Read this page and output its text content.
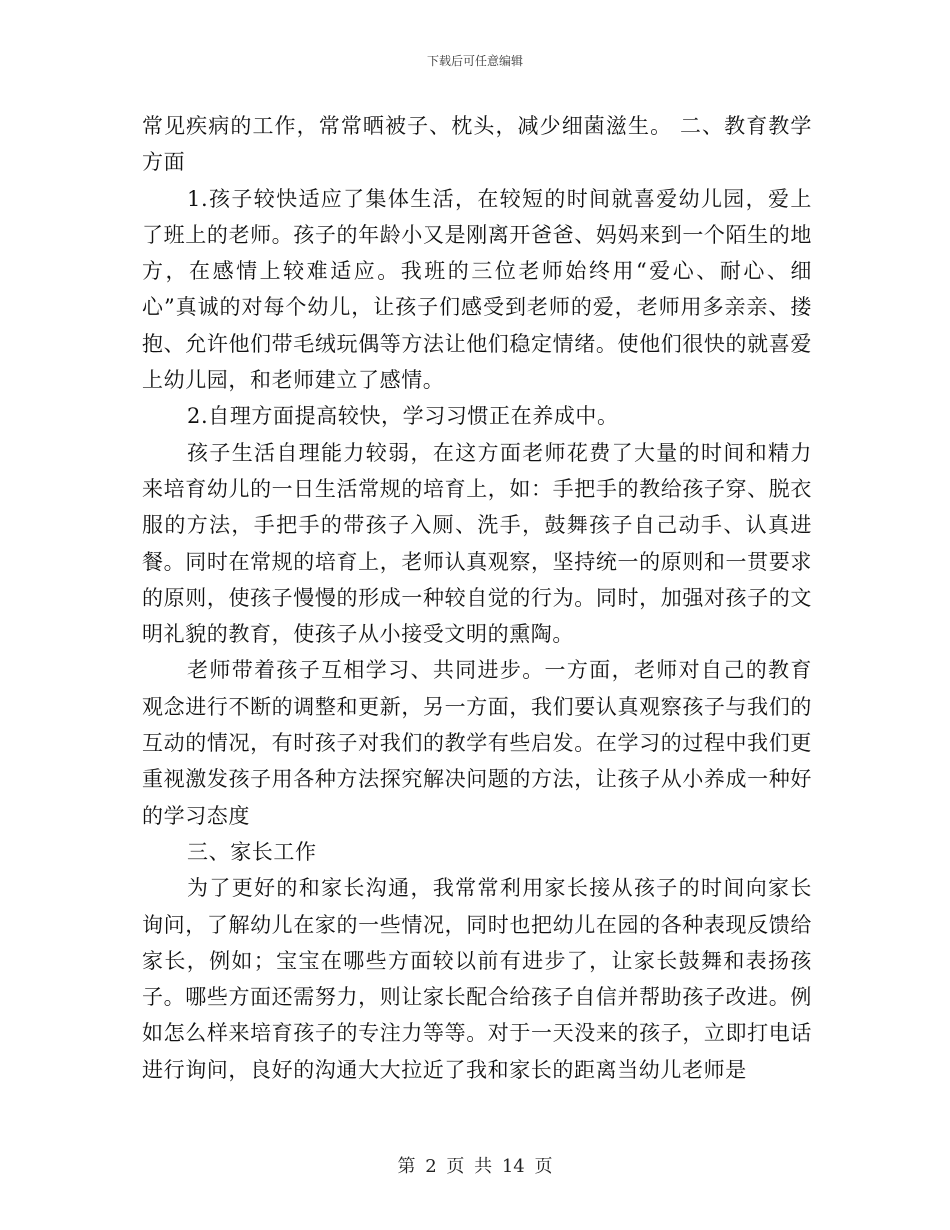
下载后可任意编辑

常见疾病的工作，常常晒被子、枕头，减少细菌滋生。 二、教育教学方面

1.孩子较快适应了集体生活，在较短的时间就喜爱幼儿园，爱上了班上的老师。孩子的年龄小又是刚离开爸爸、妈妈来到一个陌生的地方，在感情上较难适应。我班的三位老师始终用“爱心、耐心、细心”真诚的对每个幼儿，让孩子们感受到老师的爱，老师用多亲亲、搂抱、允许他们带毛绒玩偶等方法让他们稳定情绪。使他们很快的就喜爱上幼儿园，和老师建立了感情。

2.自理方面提高较快，学习习惯正在养成中。

孩子生活自理能力较弱，在这方面老师花费了大量的时间和精力来培育幼儿的一日生活常规的培育上，如：手把手的教给孩子穿、脱衣服的方法，手把手的带孩子入厕、洗手，鼓舞孩子自己动手、认真进餐。同时在常规的培育上，老师认真观察，坚持统一的原则和一贯要求的原则，使孩子慢慢的形成一种较自觉的行为。同时，加强对孩子的文明礼貌的教育，使孩子从小接受文明的熏陶。

老师带着孩子互相学习、共同进步。一方面，老师对自己的教育观念进行不断的调整和更新，另一方面，我们要认真观察孩子与我们的互动的情况，有时孩子对我们的教学有些启发。在学习的过程中我们更重视激发孩子用各种方法探究解决问题的方法，让孩子从小养成一种好的学习态度

三、家长工作

为了更好的和家长沟通，我常常利用家长接从孩子的时间向家长询问，了解幼儿在家的一些情况，同时也把幼儿在园的各种表现反馈给家长，例如；宝宝在哪些方面较以前有进步了，让家长鼓舞和表扬孩子。哪些方面还需努力，则让家长配合给孩子自信并帮助孩子改进。例如怎么样来培育孩子的专注力等等。对于一天没来的孩子，立即打电话进行询问，良好的沟通大大拉近了我和家长的距离当幼儿老师是

第 2 页 共 14 页
